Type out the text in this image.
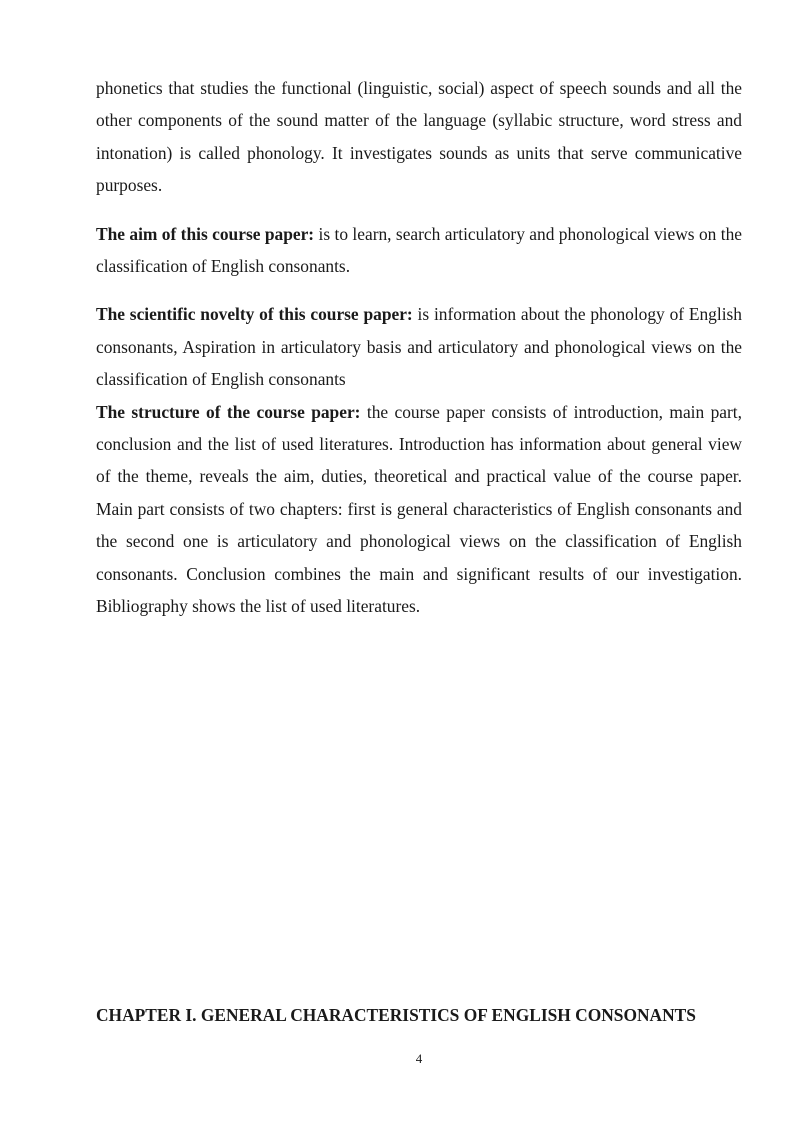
phonetics that studies the functional (linguistic, social) aspect of speech sounds and all the other components of the sound matter of the language (syllabic structure, word stress and intonation) is called phonology. It investigates sounds as units that serve communicative purposes.

The aim of this course paper: is to learn, search articulatory and phonological views on the classification of English consonants.

The scientific novelty of this course paper: is information about the phonology of English consonants, Aspiration in articulatory basis and articulatory and phonological views on the classification of English consonants

The structure of the course paper: the course paper consists of introduction, main part, conclusion and the list of used literatures. Introduction has information about general view of the theme, reveals the aim, duties, theoretical and practical value of the course paper. Main part consists of two chapters: first is general characteristics of English consonants and the second one is articulatory and phonological views on the classification of English consonants. Conclusion combines the main and significant results of our investigation. Bibliography shows the list of used literatures.

CHAPTER I. GENERAL CHARACTERISTICS OF ENGLISH CONSONANTS
4
